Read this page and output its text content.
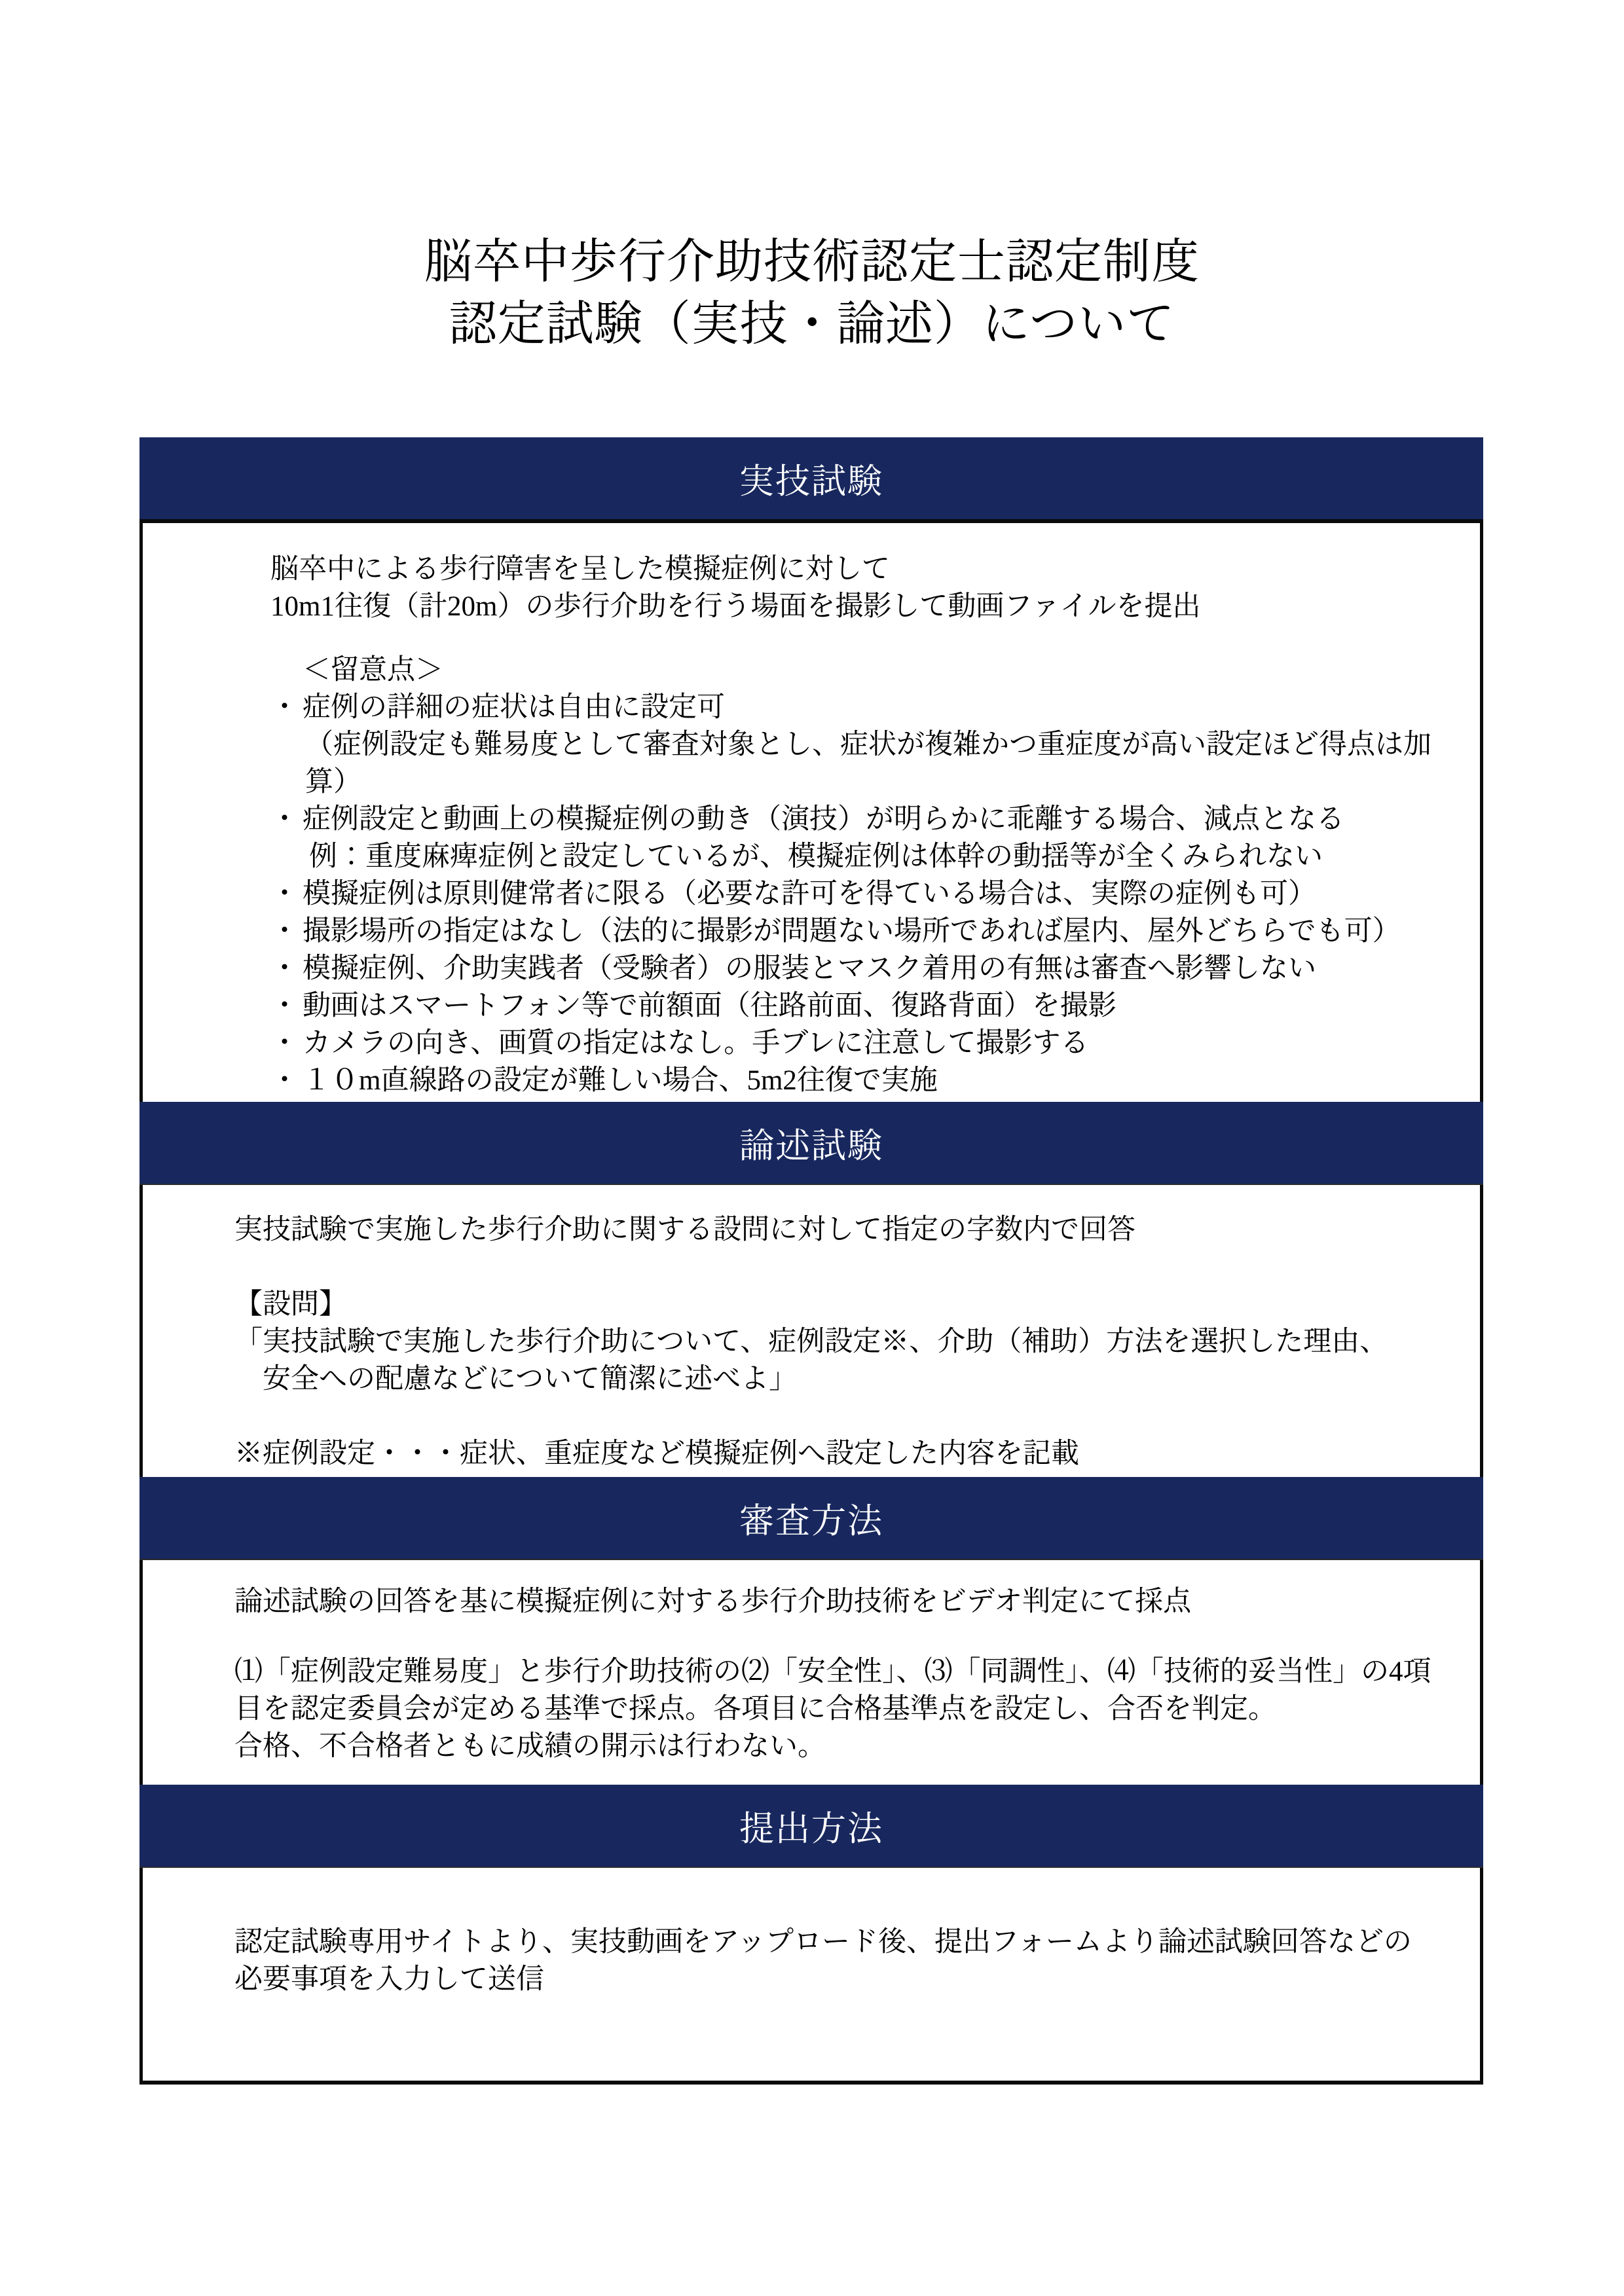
脳卒中歩行介助技術認定士認定制度
認定試験（実技・論述）について
実技試験

脳卒中による歩行障害を呈した模擬症例に対して

10m1往復（計20m）の歩行介助を行う場面を撮影して動画ファイルを提出

＜留意点＞

・ 症例の詳細の症状は自由に設定可

（症例設定も難易度として審査対象とし、症状が複雑かつ重症度が高い設定ほど得点は加算）

・ 症例設定と動画上の模擬症例の動き（演技）が明らかに乖離する場合、減点となる

例：重度麻痺症例と設定しているが、模擬症例は体幹の動揺等が全くみられない

・ 模擬症例は原則健常者に限る（必要な許可を得ている場合は、実際の症例も可）
・ 撮影場所の指定はなし（法的に撮影が問題ない場所であれば屋内、屋外どちらでも可）
・ 模擬症例、介助実践者（受験者）の服装とマスク着用の有無は審査へ影響しない
・ 動画はスマートフォン等で前額面（往路前面、復路背面）を撮影
・ カメラの向き、画質の指定はなし。手ブレに注意して撮影する
・ １０m直線路の設定が難しい場合、5m2往復で実施
論述試験

実技試験で実施した歩行介助に関する設問に対して指定の字数内で回答

【設問】

「実技試験で実施した歩行介助について、症例設定※、介助（補助）方法を選択した理由、

　安全への配慮などについて簡潔に述べよ」

※症例設定・・・症状、重症度など模擬症例へ設定した内容を記載

審査方法

論述試験の回答を基に模擬症例に対する歩行介助技術をビデオ判定にて採点

⑴「症例設定難易度」と歩行介助技術の⑵「安全性」、⑶「同調性」、⑷「技術的妥当性」の4項

目を認定委員会が定める基準で採点。各項目に合格基準点を設定し、合否を判定。

合格、不合格者ともに成績の開示は行わない。

提出方法

認定試験専用サイトより、実技動画をアップロード後、提出フォームより論述試験回答などの

必要事項を入力して送信
